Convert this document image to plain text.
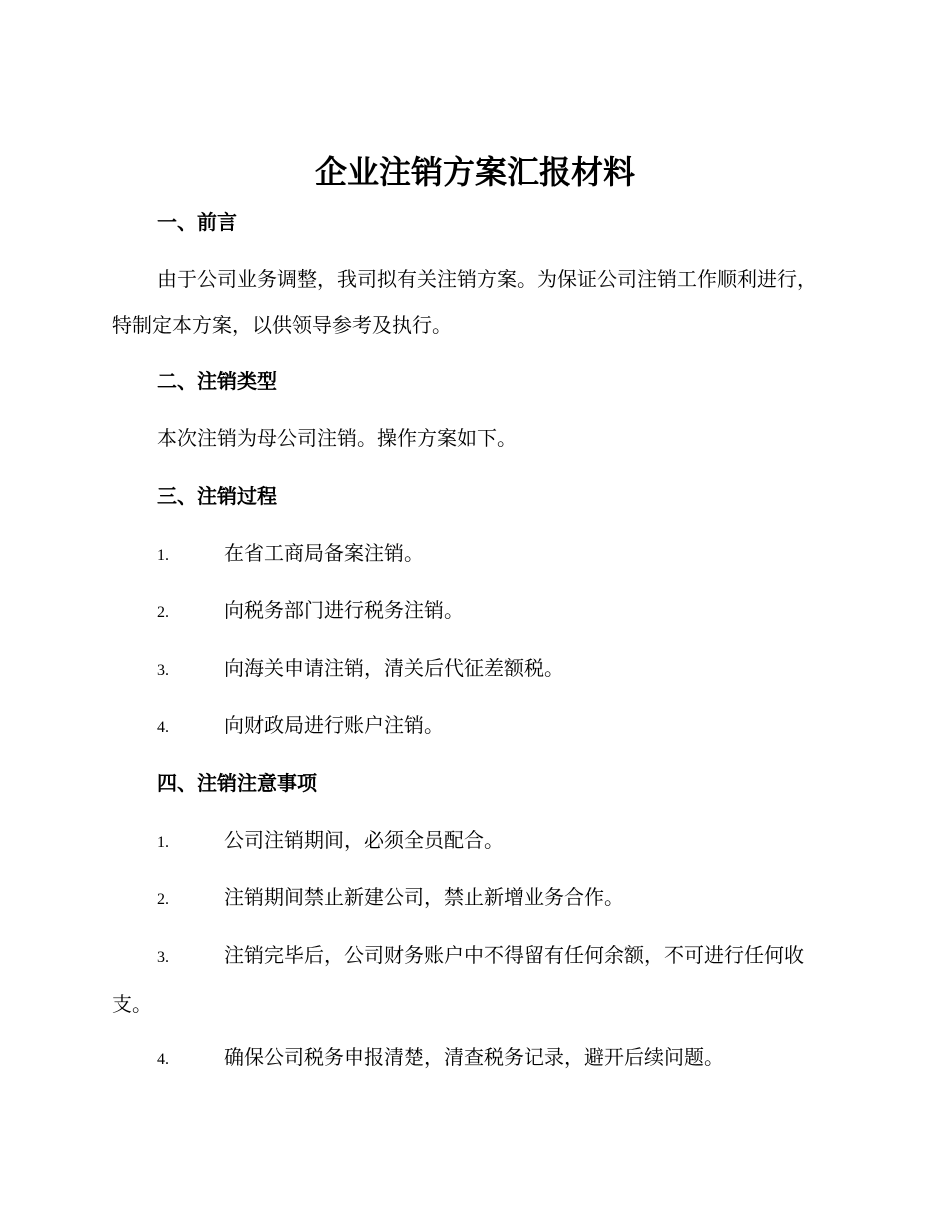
企业注销方案汇报材料
一、前言

由于公司业务调整，我司拟有关注销方案。为保证公司注销工作顺利进行，特制定本方案，以供领导参考及执行。

二、注销类型

本次注销为母公司注销。操作方案如下。

三、注销过程

1.	在省工商局备案注销。

2.	向税务部门进行税务注销。

3.	向海关申请注销，清关后代征差额税。

4.	向财政局进行账户注销。

四、注销注意事项

1.	公司注销期间，必须全员配合。

2.	注销期间禁止新建公司，禁止新增业务合作。

3.	注销完毕后，公司财务账户中不得留有任何余额，不可进行任何收支。

4.	确保公司税务申报清楚，清查税务记录，避开后续问题。
